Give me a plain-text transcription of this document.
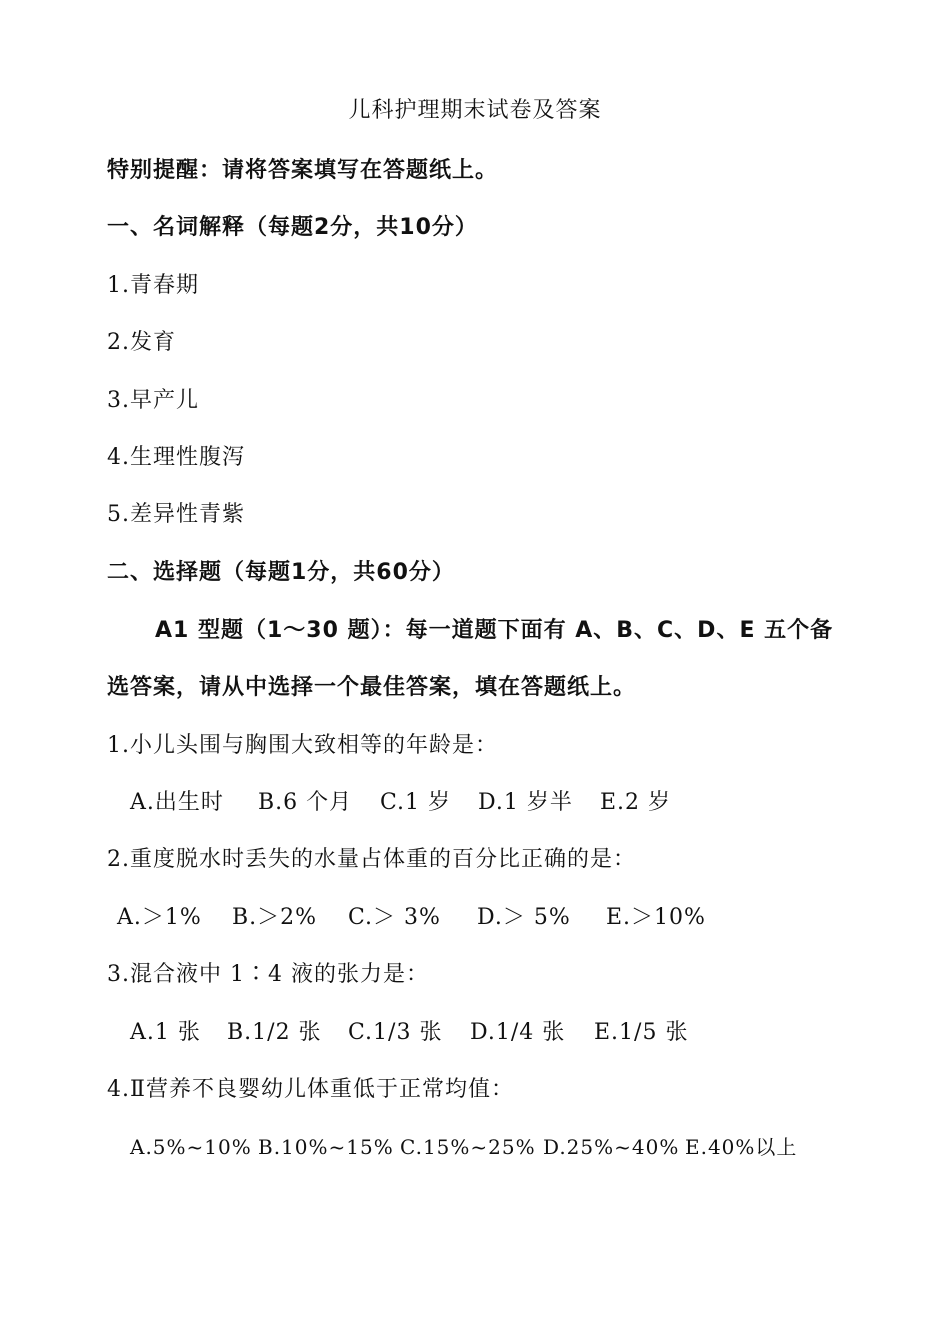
儿科护理期末试卷及答案
特别提醒：请将答案填写在答题纸上。
一、名词解释（每题2分，共10分）
1.青春期
2.发育
3.早产儿
4.生理性腹泻
5.差异性青紫
二、选择题（每题1分，共60分）
A1 型题（1～30 题）：每一道题下面有 A、B、C、D、E 五个备
选答案，请从中选择一个最佳答案，填在答题纸上。
1.小儿头围与胸围大致相等的年龄是：
A.出生时 B.6 个月 C.1 岁 D.1 岁半 E.2 岁
2.重度脱水时丢失的水量占体重的百分比正确的是：
A.＞1% B.＞2% C.＞ 3% D.＞ 5% E.＞10%
3.混合液中 1∶4 液的张力是：
A.1 张 B.1/2 张 C.1/3 张 D.1/4 张 E.1/5 张
4.Ⅱ营养不良婴幼儿体重低于正常均值：
A.5%~10% B.10%~15% C.15%~25% D.25%~40% E.40%以上
